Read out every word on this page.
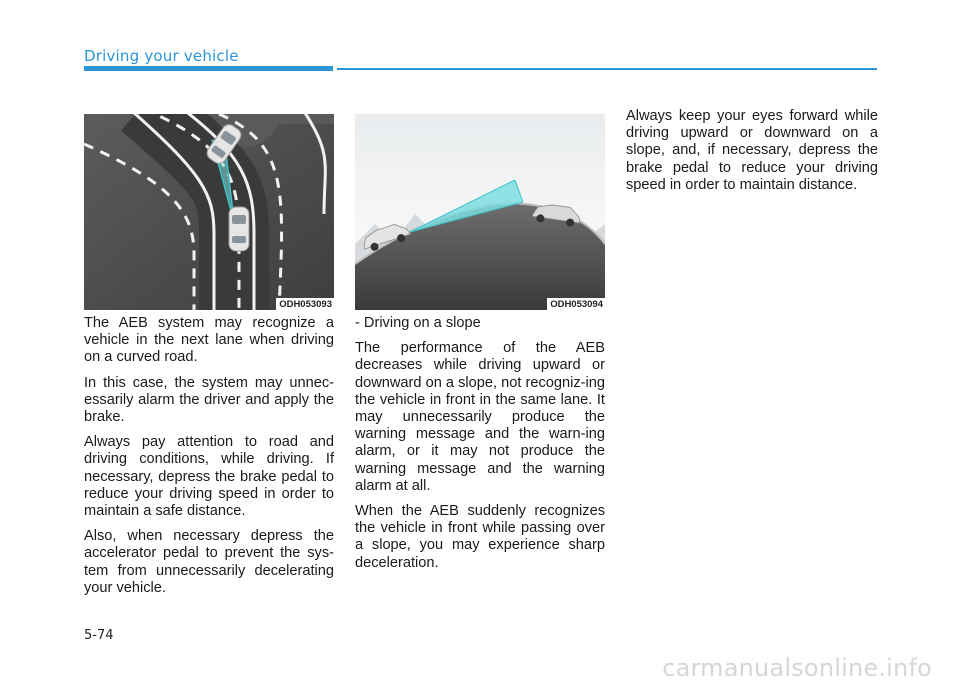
Driving your vehicle
ODH053093	ODH053094

The AEB system may recognize a vehicle in the next lane when driving on a curved road.

In this case, the system may unnec-essarily alarm the driver and apply the brake.

Always pay attention to road and driving conditions, while driving. If necessary, depress the brake pedal to reduce your driving speed in order to maintain a safe distance.

Also, when necessary depress the accelerator pedal to prevent the sys-tem from unnecessarily decelerating your vehicle.

- Driving on a slope

The performance of the AEB decreases while driving upward or downward on a slope, not recogniz-ing the vehicle in front in the same lane. It may unnecessarily produce the warning message and the warn-ing alarm, or it may not produce the warning message and the warning alarm at all.

When the AEB suddenly recognizes the vehicle in front while passing over a slope, you may experience sharp deceleration.

Always keep your eyes forward while driving upward or downward on a slope, and, if necessary, depress the brake pedal to reduce your driving speed in order to maintain distance.

5-74
carmanualsonline.info
